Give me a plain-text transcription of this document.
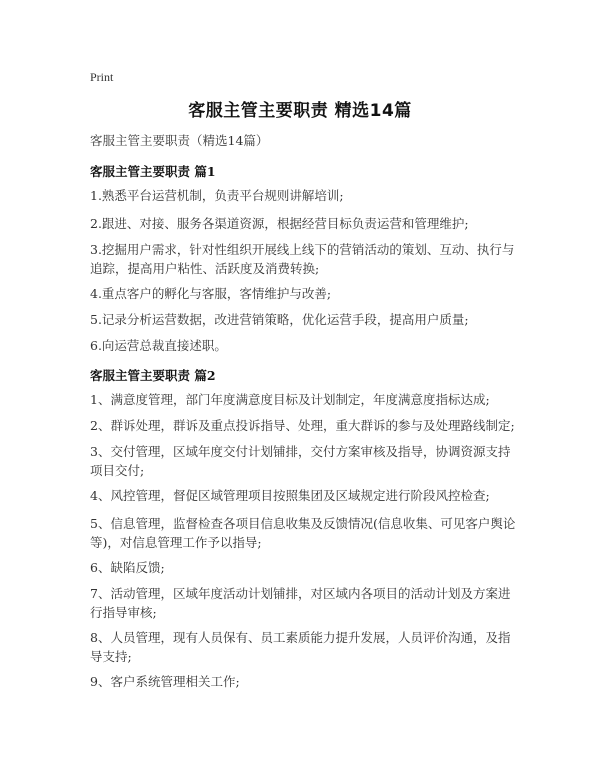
Print
客服主管主要职责 精选14篇
客服主管主要职责（精选14篇）
客服主管主要职责 篇1
1.熟悉平台运营机制，负责平台规则讲解培训;
2.跟进、对接、服务各渠道资源，根据经营目标负责运营和管理维护;
3.挖掘用户需求，针对性组织开展线上线下的营销活动的策划、互动、执行与追踪，提高用户粘性、活跃度及消费转换;
4.重点客户的孵化与客服，客情维护与改善;
5.记录分析运营数据，改进营销策略，优化运营手段，提高用户质量;
6.向运营总裁直接述职。
客服主管主要职责 篇2
1、满意度管理，部门年度满意度目标及计划制定，年度满意度指标达成;
2、群诉处理，群诉及重点投诉指导、处理，重大群诉的参与及处理路线制定;
3、交付管理，区域年度交付计划铺排，交付方案审核及指导，协调资源支持项目交付;
4、风控管理，督促区域管理项目按照集团及区域规定进行阶段风控检查;
5、信息管理，监督检查各项目信息收集及反馈情况(信息收集、可见客户舆论等)，对信息管理工作予以指导;
6、缺陷反馈;
7、活动管理，区域年度活动计划铺排，对区域内各项目的活动计划及方案进行指导审核;
8、人员管理，现有人员保有、员工素质能力提升发展，人员评价沟通，及指导支持;
9、客户系统管理相关工作;
